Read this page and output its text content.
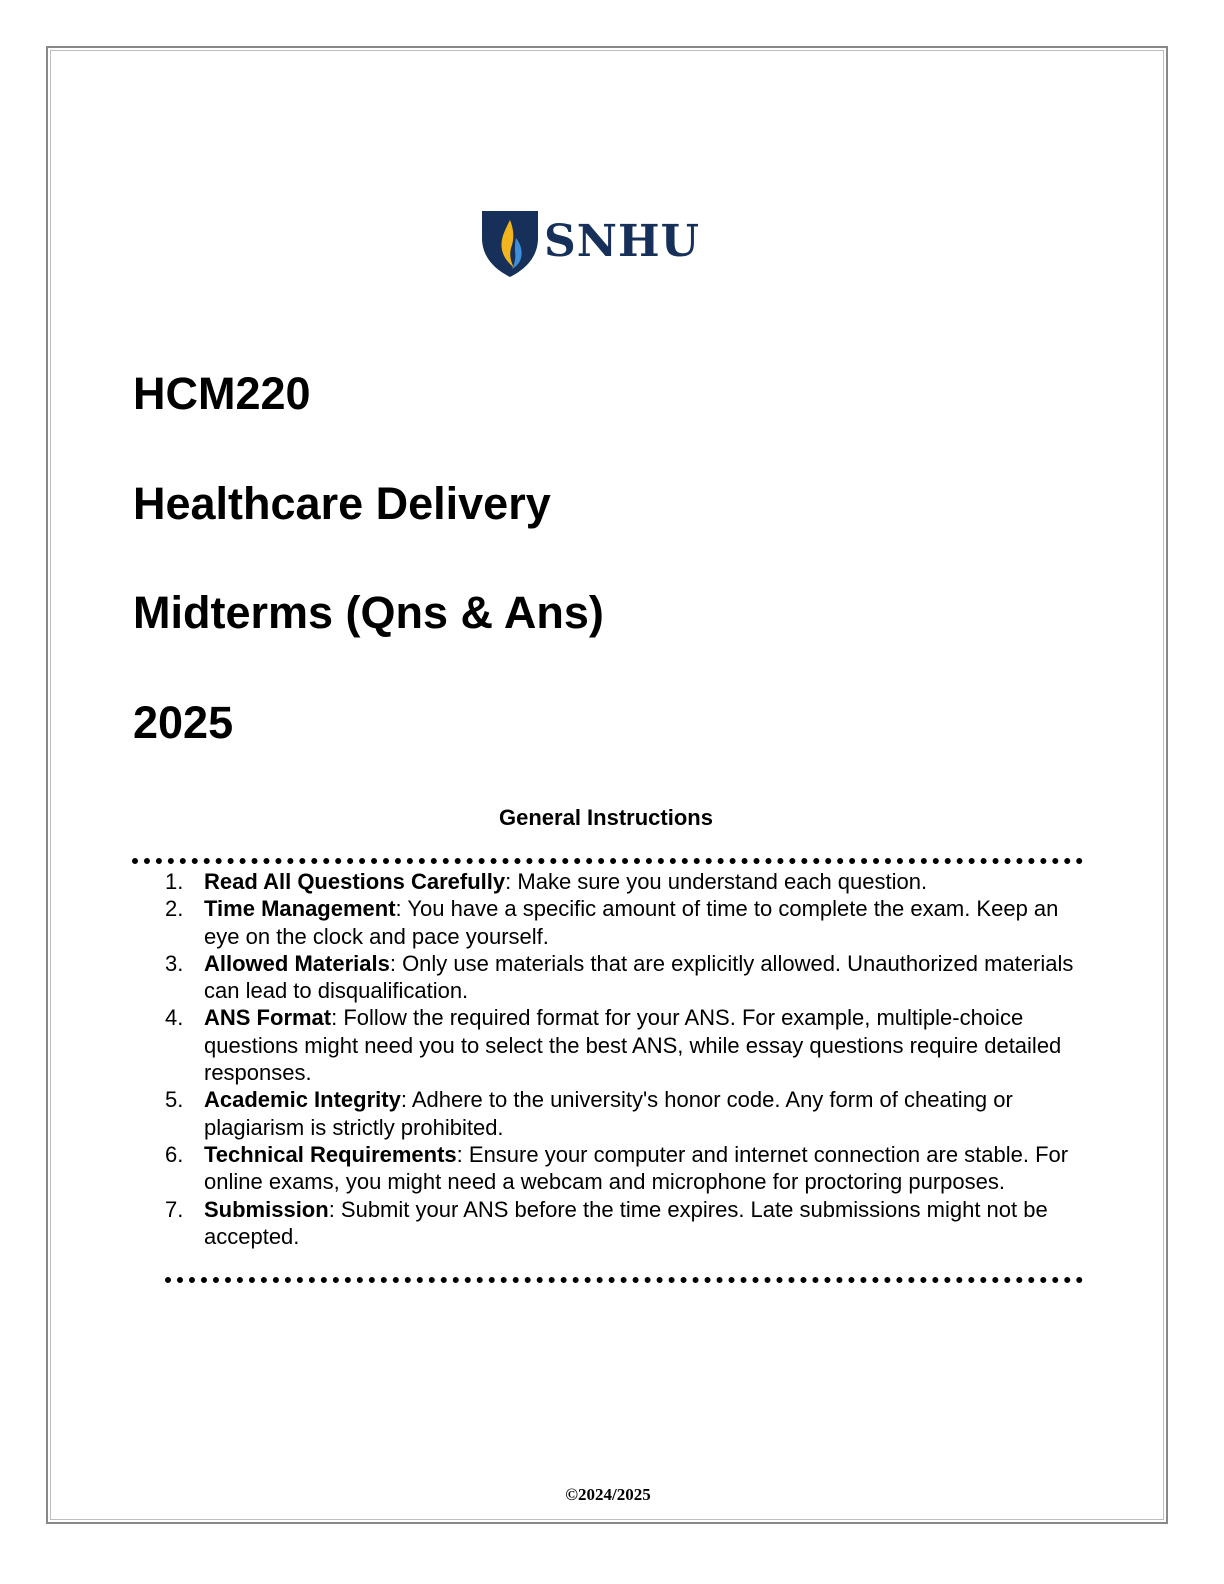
SNHU
HCM220
Healthcare Delivery
Midterms (Qns & Ans)
2025
General Instructions
1. Read All Questions Carefully: Make sure you understand each question.
2. Time Management: You have a specific amount of time to complete the exam. Keep an eye on the clock and pace yourself.
3. Allowed Materials: Only use materials that are explicitly allowed. Unauthorized materials can lead to disqualification.
4. ANS Format: Follow the required format for your ANS. For example, multiple-choice questions might need you to select the best ANS, while essay questions require detailed responses.
5. Academic Integrity: Adhere to the university's honor code. Any form of cheating or plagiarism is strictly prohibited.
6. Technical Requirements: Ensure your computer and internet connection are stable. For online exams, you might need a webcam and microphone for proctoring purposes.
7. Submission: Submit your ANS before the time expires. Late submissions might not be accepted.
©2024/2025
